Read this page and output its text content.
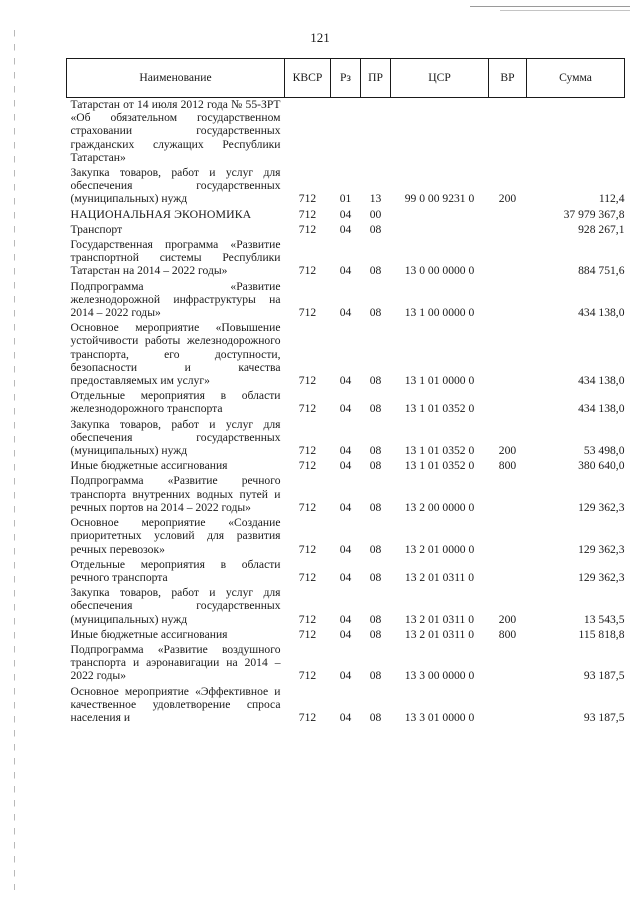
121
Наименование	КВСР	Рз	ПР	ЦСР	ВР	Сумма
Татарстан от 14 июля 2012 года № 55-ЗРТ «Об обязательном государственном страховании государственных гражданских служащих Республики Татарстан»						
Закупка товаров, работ и услуг для обеспечения государственных (муниципальных) нужд	712	01	13	99 0 00 9231 0	200	112,4
НАЦИОНАЛЬНАЯ ЭКОНОМИКА	712	04	00			37 979 367,8
Транспорт	712	04	08			928 267,1
Государственная программа «Развитие транспортной системы Республики Татарстан на 2014 – 2022 годы»	712	04	08	13 0 00 0000 0		884 751,6
Подпрограмма «Развитие железнодорожной инфраструктуры на 2014 – 2022 годы»	712	04	08	13 1 00 0000 0		434 138,0
Основное мероприятие «Повышение устойчивости работы железнодорожного транспорта, его доступности, безопасности и качества предоставляемых им услуг»	712	04	08	13 1 01 0000 0		434 138,0
Отдельные мероприятия в области железнодорожного транспорта	712	04	08	13 1 01 0352 0		434 138,0
Закупка товаров, работ и услуг для обеспечения государственных (муниципальных) нужд	712	04	08	13 1 01 0352 0	200	53 498,0
Иные бюджетные ассигнования	712	04	08	13 1 01 0352 0	800	380 640,0
Подпрограмма «Развитие речного транспорта внутренних водных путей и речных портов на 2014 – 2022 годы»	712	04	08	13 2 00 0000 0		129 362,3
Основное мероприятие «Создание приоритетных условий для развития речных перевозок»	712	04	08	13 2 01 0000 0		129 362,3
Отдельные мероприятия в области речного транспорта	712	04	08	13 2 01 0311 0		129 362,3
Закупка товаров, работ и услуг для обеспечения государственных (муниципальных) нужд	712	04	08	13 2 01 0311 0	200	13 543,5
Иные бюджетные ассигнования	712	04	08	13 2 01 0311 0	800	115 818,8
Подпрограмма «Развитие воздушного транспорта и аэронавигации на 2014 – 2022 годы»	712	04	08	13 3 00 0000 0		93 187,5
Основное мероприятие «Эффективное и качественное удовлетворение спроса населения и	712	04	08	13 3 01 0000 0		93 187,5
